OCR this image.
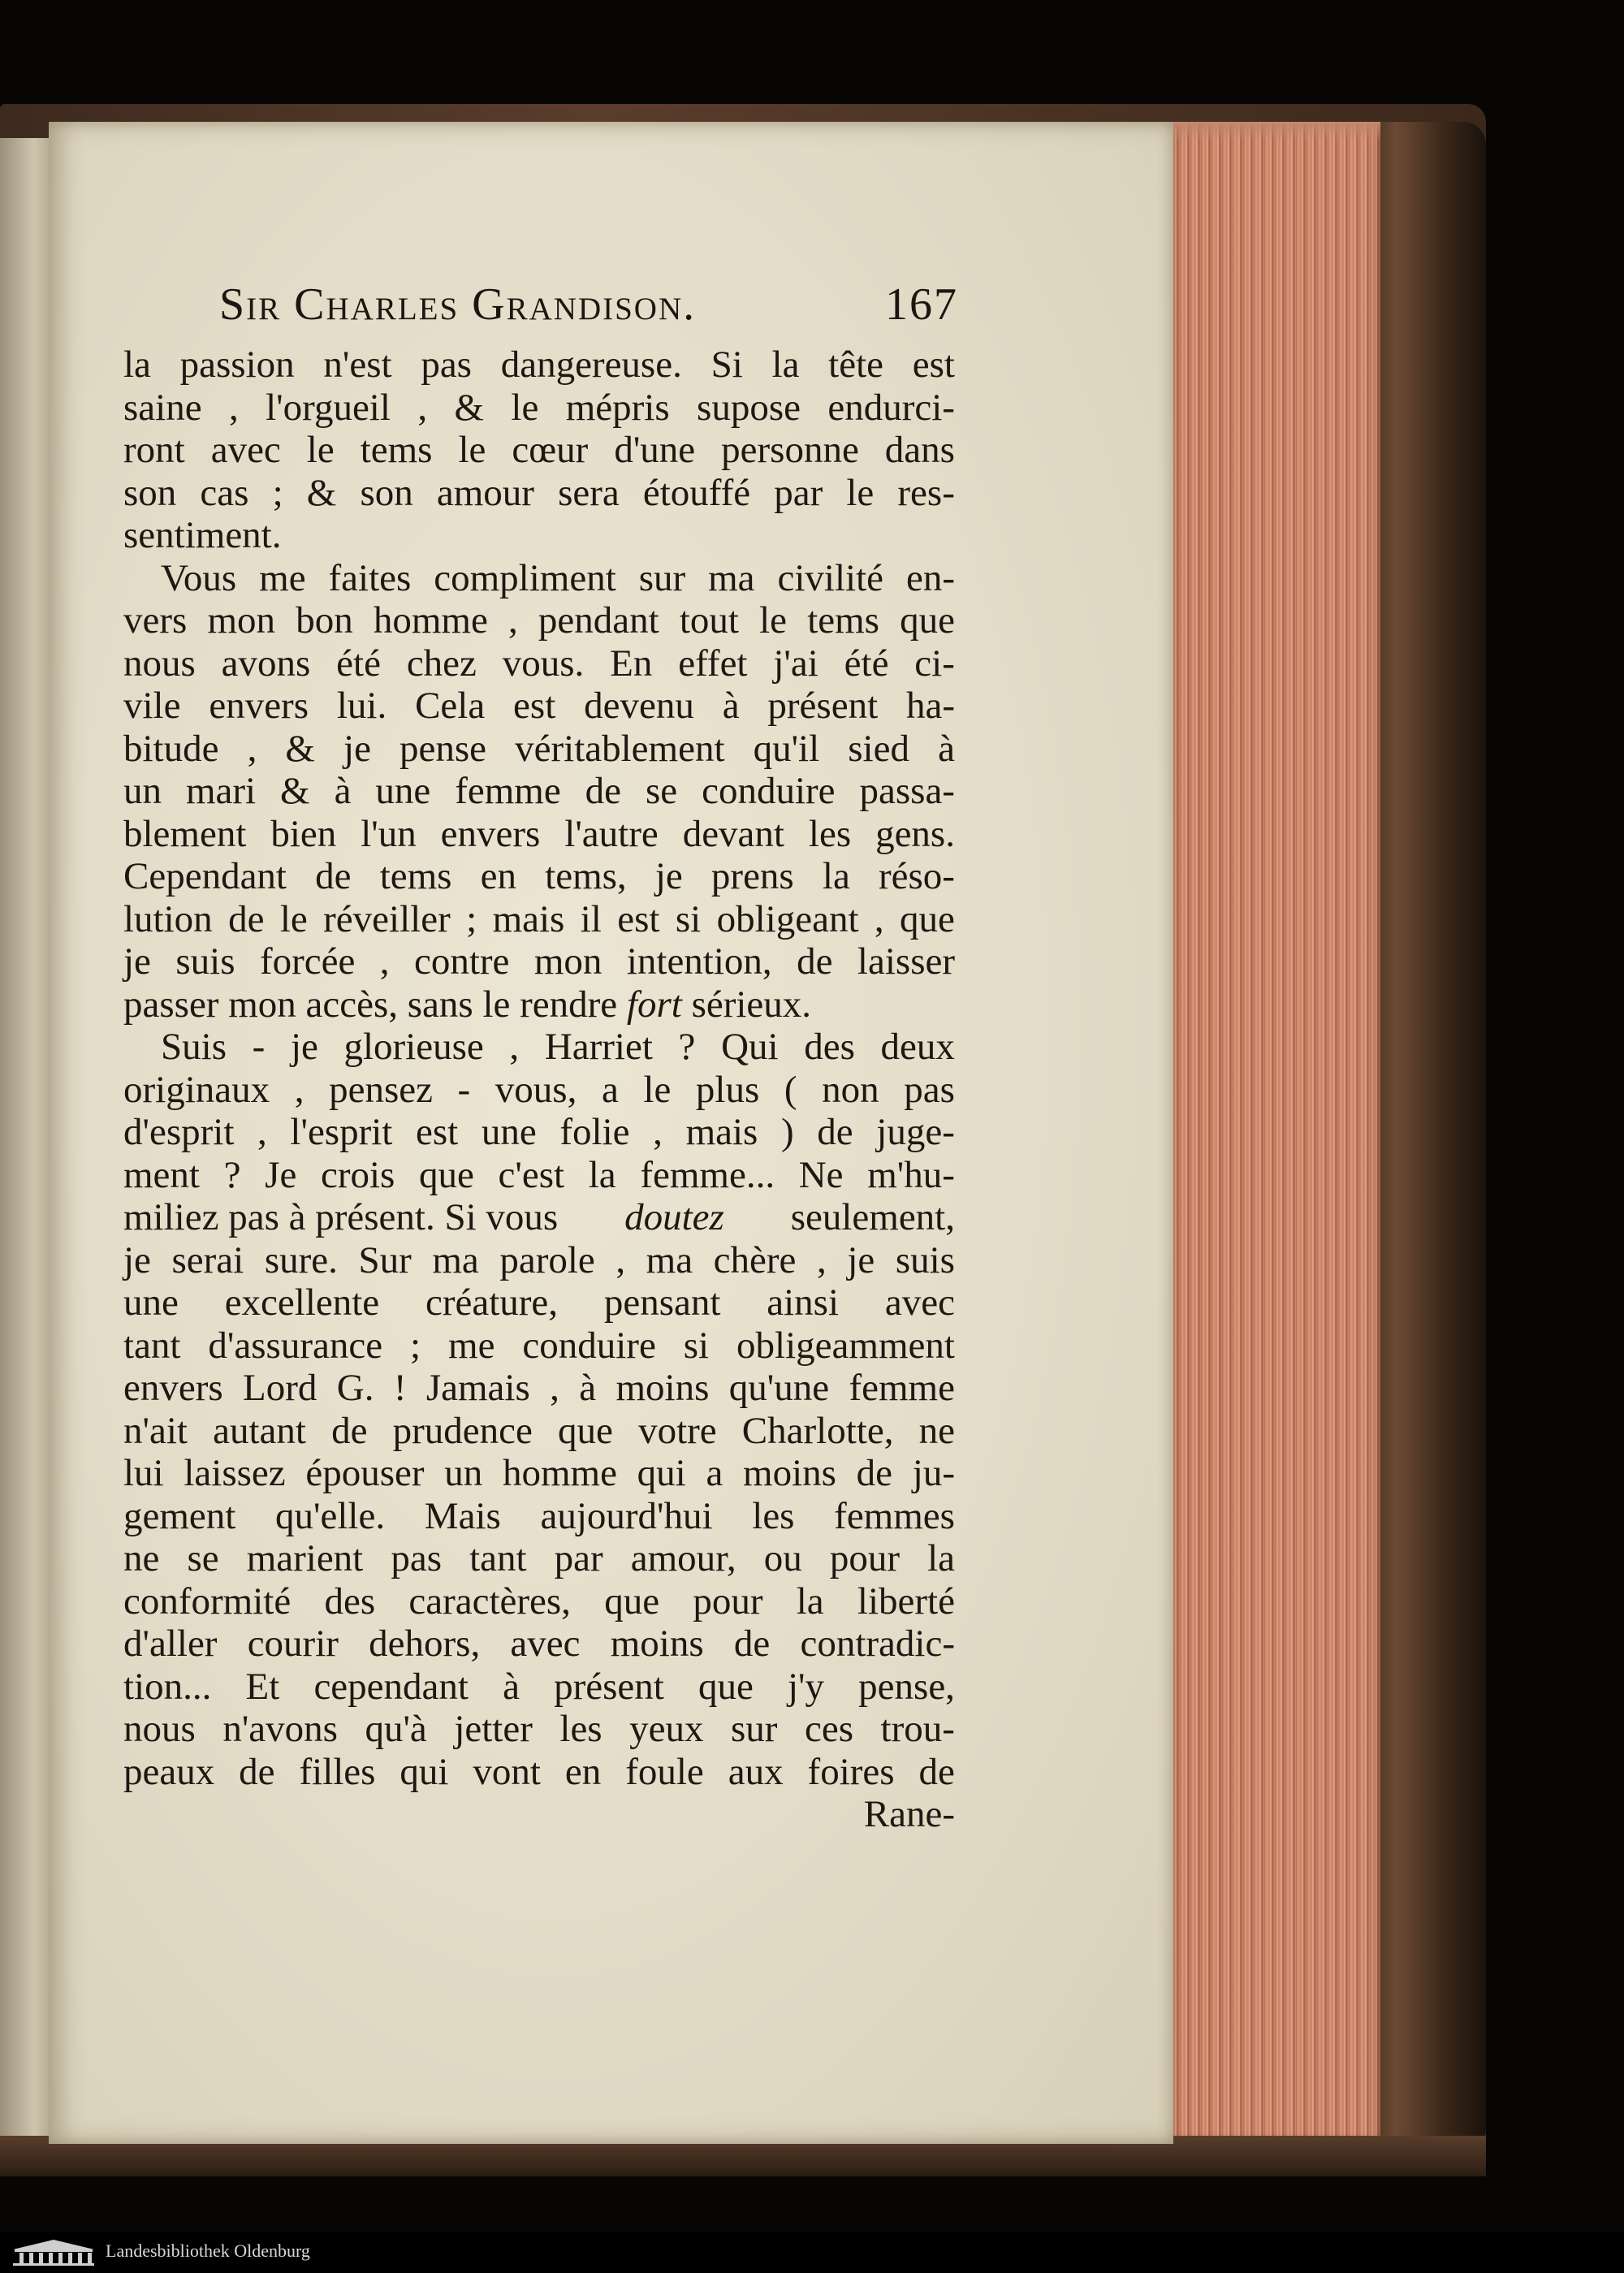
Sir Charles Grandison.	167
la passion n'est pas dangereuse. Si la tête est
saine , l'orgueil , & le mépris supose endurci-
ront avec le tems le cœur d'une personne dans
son cas ; & son amour sera étouffé par le res-
sentiment.
Vous me faites compliment sur ma civilité en-
vers mon bon homme , pendant tout le tems que
nous avons été chez vous. En effet j'ai été ci-
vile envers lui. Cela est devenu à présent ha-
bitude , & je pense véritablement qu'il sied à
un mari & à une femme de se conduire passa-
blement bien l'un envers l'autre devant les gens.
Cependant de tems en tems, je prens la réso-
lution de le réveiller ; mais il est si obligeant , que
je suis forcée , contre mon intention, de laisser
passer mon accès, sans le rendre
fort
sérieux.
Suis - je glorieuse , Harriet ? Qui des deux
originaux , pensez - vous, a le plus ( non pas
d'esprit , l'esprit est une folie , mais ) de juge-
ment ? Je crois que c'est la femme... Ne m'hu-
miliez pas à présent. Si vous doutez seulement,
je serai sure. Sur ma parole , ma chère , je suis
une excellente créature, pensant ainsi avec
tant d'assurance ; me conduire si obligeamment
envers Lord G. ! Jamais , à moins qu'une femme
n'ait autant de prudence que votre Charlotte, ne
lui laissez épouser un homme qui a moins de ju-
gement qu'elle. Mais aujourd'hui les femmes
ne se marient pas tant par amour, ou pour la
conformité des caractères, que pour la liberté
d'aller courir dehors, avec moins de contradic-
tion... Et cependant à présent que j'y pense,
nous n'avons qu'à jetter les yeux sur ces trou-
peaux de filles qui vont en foule aux foires de
Rane-
Landesbibliothek Oldenburg
